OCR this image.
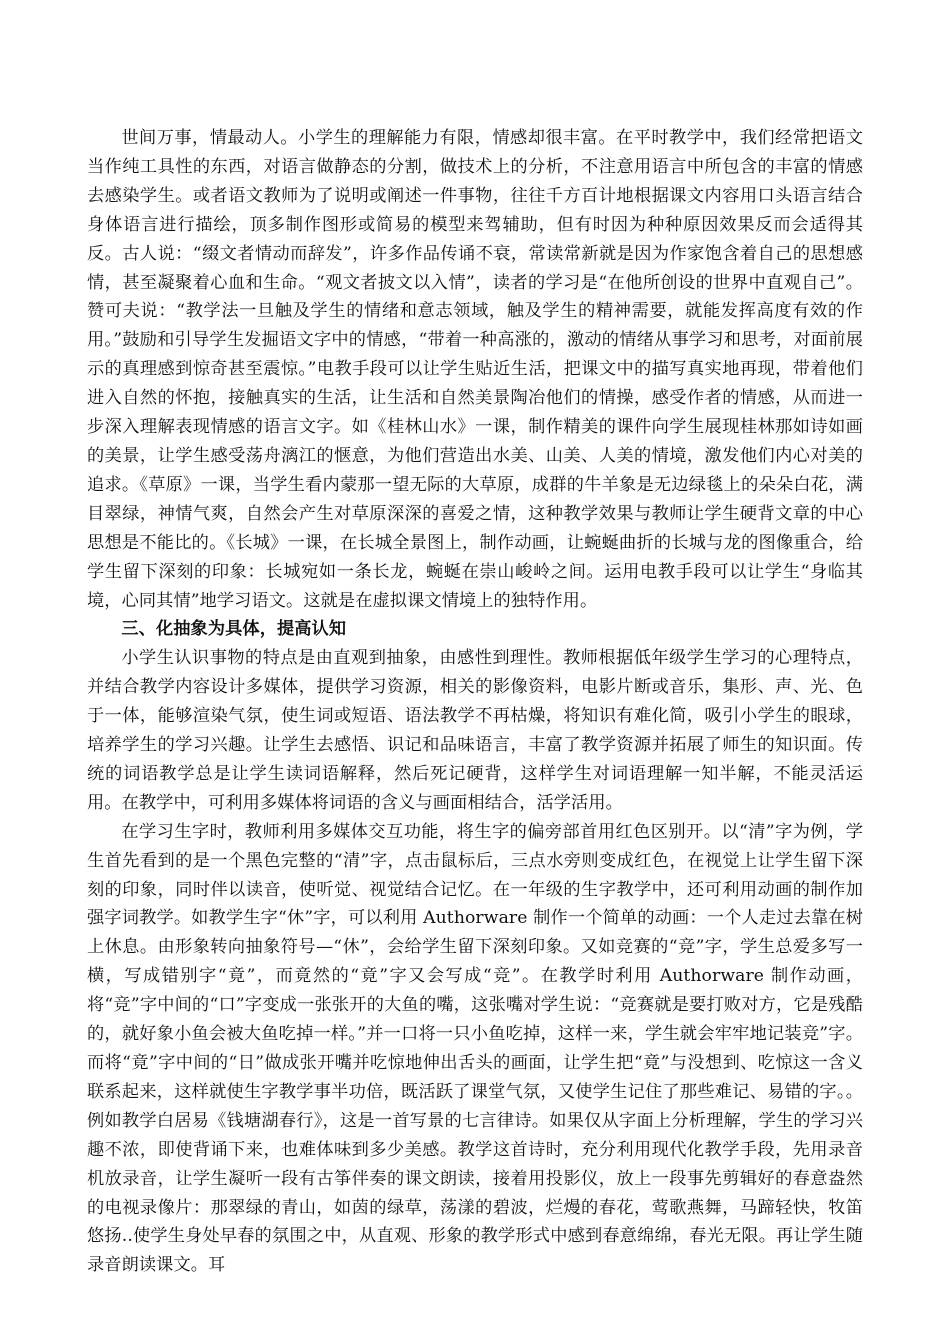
世间万事，情最动人。小学生的理解能力有限，情感却很丰富。在平时教学中，我们经常把语文当作纯工具性的东西，对语言做静态的分割，做技术上的分析，不注意用语言中所包含的丰富的情感去感染学生。或者语文教师为了说明或阐述一件事物，往往千方百计地根据课文内容用口头语言结合身体语言进行描绘，顶多制作图形或简易的模型来驾辅助，但有时因为种种原因效果反而会适得其反。古人说：“缀文者情动而辞发”，许多作品传诵不衰，常读常新就是因为作家饱含着自己的思想感情，甚至凝聚着心血和生命。“观文者披文以入情”，读者的学习是“在他所创设的世界中直观自己”。赞可夫说：“教学法一旦触及学生的情绪和意志领域，触及学生的精神需要，就能发挥高度有效的作用。”鼓励和引导学生发掘语文字中的情感，“带着一种高涨的，激动的情绪从事学习和思考，对面前展示的真理感到惊奇甚至震惊。”电教手段可以让学生贴近生活，把课文中的描写真实地再现，带着他们进入自然的怀抱，接触真实的生活，让生活和自然美景陶冶他们的情操，感受作者的情感，从而进一步深入理解表现情感的语言文字。如《桂林山水》一课，制作精美的课件向学生展现桂林那如诗如画的美景，让学生感受荡舟漓江的惬意，为他们营造出水美、山美、人美的情境，激发他们内心对美的追求。《草原》一课，当学生看内蒙那一望无际的大草原，成群的牛羊象是无边绿毯上的朵朵白花，满目翠绿，神情气爽，自然会产生对草原深深的喜爱之情，这种教学效果与教师让学生硬背文章的中心思想是不能比的。《长城》一课，在长城全景图上，制作动画，让蜿蜒曲折的长城与龙的图像重合，给学生留下深刻的印象：长城宛如一条长龙，蜿蜒在崇山峻岭之间。运用电教手段可以让学生“身临其境，心同其情”地学习语文。这就是在虚拟课文情境上的独特作用。

三、化抽象为具体，提高认知

小学生认识事物的特点是由直观到抽象，由感性到理性。教师根据低年级学生学习的心理特点，并结合教学内容设计多媒体，提供学习资源，相关的影像资料，电影片断或音乐，集形、声、光、色于一体，能够渲染气氛，使生词或短语、语法教学不再枯燥，将知识有难化简，吸引小学生的眼球，培养学生的学习兴趣。让学生去感悟、识记和品味语言，丰富了教学资源并拓展了师生的知识面。传统的词语教学总是让学生读词语解释，然后死记硬背，这样学生对词语理解一知半解，不能灵活运用。在教学中，可利用多媒体将词语的含义与画面相结合，活学活用。

在学习生字时，教师利用多媒体交互功能，将生字的偏旁部首用红色区别开。以“清”字为例，学生首先看到的是一个黑色完整的“清”字，点击鼠标后，三点水旁则变成红色，在视觉上让学生留下深刻的印象，同时伴以读音，使听觉、视觉结合记忆。在一年级的生字教学中，还可利用动画的制作加强字词教学。如教学生字“休”字，可以利用 Authorware 制作一个简单的动画：一个人走过去靠在树上休息。由形象转向抽象符号—“休”，会给学生留下深刻印象。又如竞赛的“竞”字，学生总爱多写一横，写成错别字“竟”，而竟然的“竟”字又会写成“竞”。在教学时利用 Authorware 制作动画，将“竞”字中间的“口”字变成一张张开的大鱼的嘴，这张嘴对学生说：“竞赛就是要打败对方，它是残酷的，就好象小鱼会被大鱼吃掉一样。”并一口将一只小鱼吃掉，这样一来，学生就会牢牢地记装竞”字。而将“竟”字中间的“日”做成张开嘴并吃惊地伸出舌头的画面，让学生把“竟”与没想到、吃惊这一含义联系起来，这样就使生字教学事半功倍，既活跃了课堂气氛，又使学生记住了那些难记、易错的字。。例如教学白居易《钱塘湖春行》，这是一首写景的七言律诗。如果仅从字面上分析理解，学生的学习兴趣不浓，即使背诵下来，也难体味到多少美感。教学这首诗时，充分利用现代化教学手段，先用录音机放录音，让学生凝听一段有古筝伴奏的课文朗读，接着用投影仪，放上一段事先剪辑好的春意盎然的电视录像片：那翠绿的青山，如茵的绿草，荡漾的碧波，烂熳的春花，莺歌燕舞，马蹄轻快，牧笛悠扬..使学生身处早春的氛围之中，从直观、形象的教学形式中感到春意绵绵，春光无限。再让学生随录音朗读课文。耳
